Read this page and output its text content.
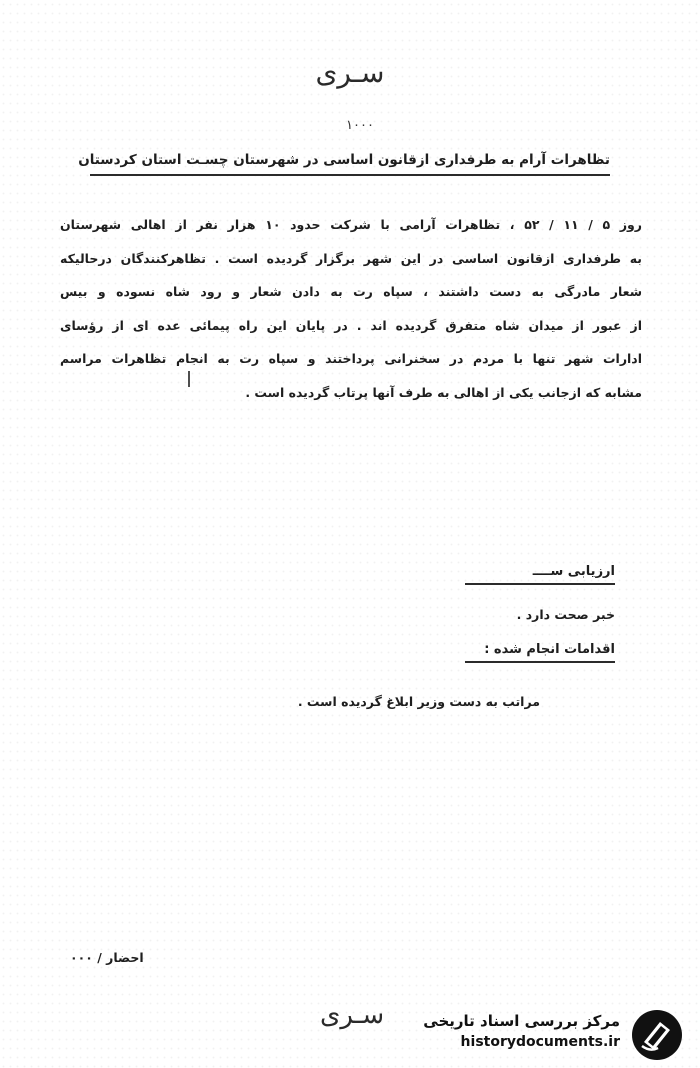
سـرى
۱۰۰۰
تظاهرات آرام به طرفداری ازقانون اساسی در شهرستان چسـت استان کردستان
روز ۵ / ۱۱ / ۵۲ ، تظاهرات آرامی با شرکت حدود ۱۰ هزار نفر از اهالی شهرستان
به طرفداری ازقانون اساسی در این شهر برگزار گرديده است . تظاهرکنندگان درحاليكه
شعار مادرگی به دست داشتند ، سپاه رت به دادن شعار و رود شاه نسوده و بيس
از عبور از میدان شاه متفرق گرديده اند . در پايان اين راه پيمائی عده ای از رؤسای
ادارات شهر تنها با مردم در سخنرانی پرداختند و سپاه رت به انجام تظاهرات مراسم
مشابه که ازجانب يکی از اهالی به طرف آنها پرتاب گرديده است .
ارزيابی ســــ
خبر صحت دارد .
اقدامات انجام شده :
مراتب به دست وزیر ابلاغ گرديده است .
احضار / ۰۰۰
سـرى	مرکز بررسی اسناد تاریخی
historydocuments.ir
